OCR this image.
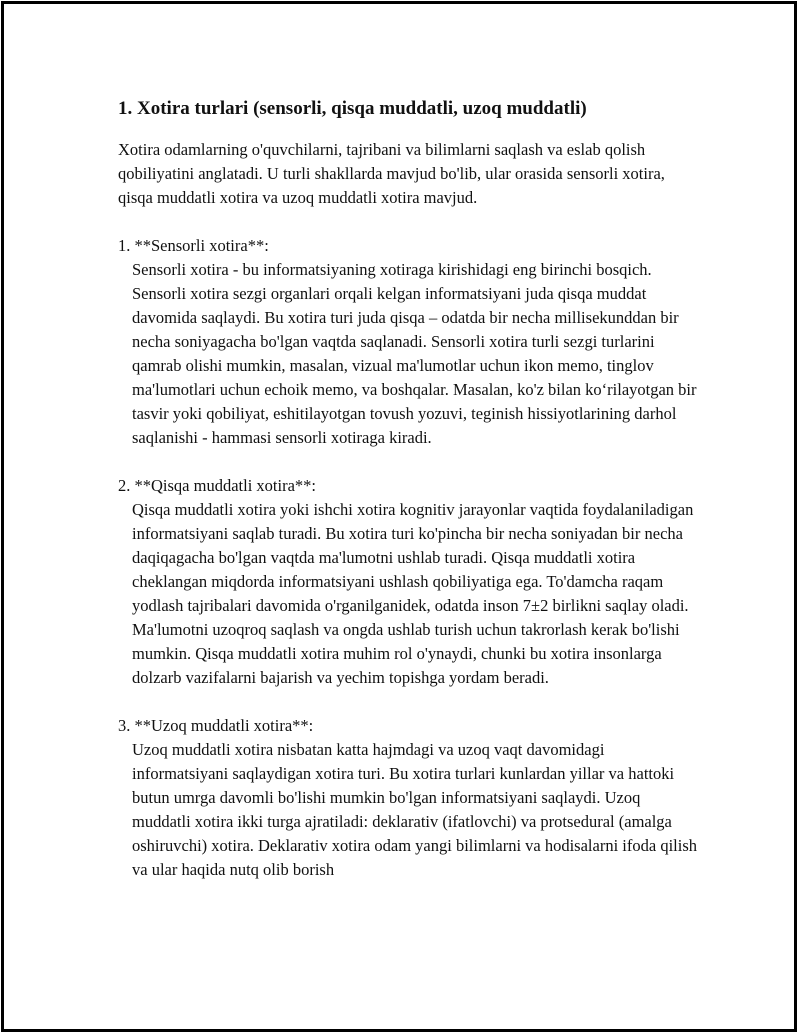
1. Xotira turlari (sensorli, qisqa muddatli, uzoq muddatli)

Xotira odamlarning o'quvchilarni, tajribani va bilimlarni saqlash va eslab qolish qobiliyatini anglatadi. U turli shakllarda mavjud bo'lib, ular orasida sensorli xotira, qisqa muddatli xotira va uzoq muddatli xotira mavjud.

1. **Sensorli xotira**:

Sensorli xotira - bu informatsiyaning xotiraga kirishidagi eng birinchi bosqich. Sensorli xotira sezgi organlari orqali kelgan informatsiyani juda qisqa muddat davomida saqlaydi. Bu xotira turi juda qisqa – odatda bir necha millisekunddan bir necha soniyagacha bo'lgan vaqtda saqlanadi. Sensorli xotira turli sezgi turlarini qamrab olishi mumkin, masalan, vizual ma'lumotlar uchun ikon memo, tinglov ma'lumotlari uchun echoik memo, va boshqalar. Masalan, ko'z bilan ko‘rilayotgan bir tasvir yoki qobiliyat, eshitilayotgan tovush yozuvi, teginish hissiyotlarining darhol saqlanishi - hammasi sensorli xotiraga kiradi.

2. **Qisqa muddatli xotira**:

Qisqa muddatli xotira yoki ishchi xotira kognitiv jarayonlar vaqtida foydalaniladigan informatsiyani saqlab turadi. Bu xotira turi ko'pincha bir necha soniyadan bir necha daqiqagacha bo'lgan vaqtda ma'lumotni ushlab turadi. Qisqa muddatli xotira cheklangan miqdorda informatsiyani ushlash qobiliyatiga ega. To'damcha raqam yodlash tajribalari davomida o'rganilganidek, odatda inson 7±2 birlikni saqlay oladi. Ma'lumotni uzoqroq saqlash va ongda ushlab turish uchun takrorlash kerak bo'lishi mumkin. Qisqa muddatli xotira muhim rol o'ynaydi, chunki bu xotira insonlarga dolzarb vazifalarni bajarish va yechim topishga yordam beradi.

3. **Uzoq muddatli xotira**:

Uzoq muddatli xotira nisbatan katta hajmdagi va uzoq vaqt davomidagi informatsiyani saqlaydigan xotira turi. Bu xotira turlari kunlardan yillar va hattoki butun umrga davomli bo'lishi mumkin bo'lgan informatsiyani saqlaydi. Uzoq muddatli xotira ikki turga ajratiladi: deklarativ (ifatlovchi) va protsedural (amalga oshiruvchi) xotira. Deklarativ xotira odam yangi bilimlarni va hodisalarni ifoda qilish va ular haqida nutq olib borish
